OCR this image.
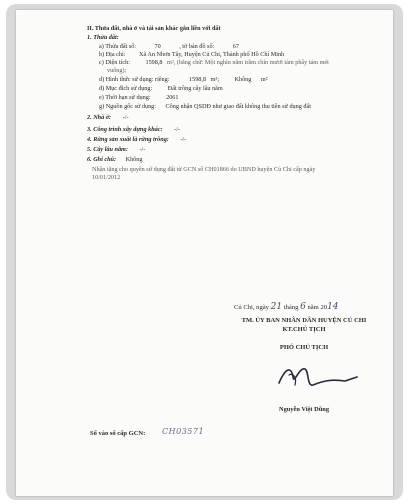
II. Thửa đất, nhà ở và tài sản khác gắn liền với đất
1. Thửa đất:
a) Thửa đất số:	70	, tờ bản đồ số:	67
b) Địa chỉ: Xã An Nhơn Tây, Huyện Củ Chi, Thành phố Hồ Chí Minh
c) Diện tích:	1598,8 m², (bằng chữ: Một nghìn năm trăm chín mươi tám phẩy tám mét
vuông);
d) Hình thức sử dụng: riêng:	1598,8 m²;	Không m²
đ) Mục đích sử dụng:	Đất trồng cây lâu năm
e) Thời hạn sử dụng:	2061
g) Nguồn gốc sử dụng: Công nhận QSDĐ như giao đất không thu tiền sử dụng đất
2. Nhà ở: -/-
3. Công trình xây dựng khác: -/-
4. Rừng sản xuất là rừng trồng: -/-
5. Cây lâu năm: -/-
6. Ghi chú: Không
Nhận tặng cho quyền sử dụng đất từ GCN số CH01866 do UBND huyện Củ Chi cấp ngày
10/01/2012
Củ Chi, ngày 21 tháng 6 năm 2014
TM. ỦY BAN NHÂN DÂN HUYỆN CỦ CHI
KT.CHỦ TỊCH
PHÓ CHỦ TỊCH
Nguyễn Việt Dũng
Số vào sổ cấp GCN: CH03571
